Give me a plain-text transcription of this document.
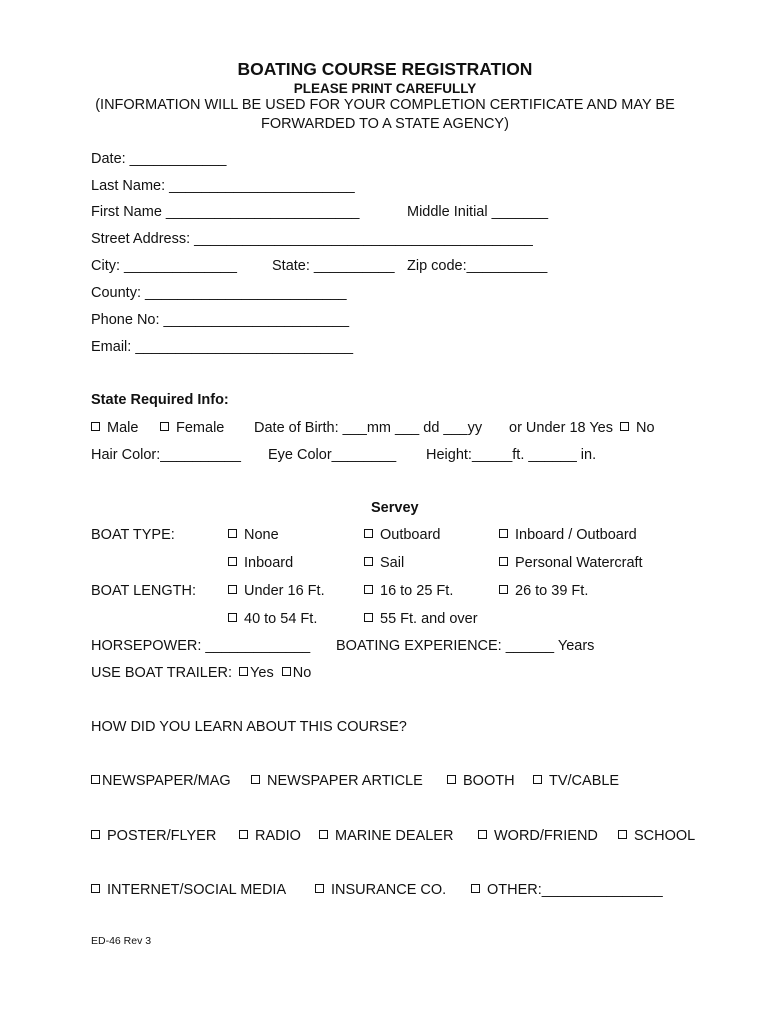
BOATING COURSE REGISTRATION
PLEASE PRINT CAREFULLY
(INFORMATION WILL BE USED FOR YOUR COMPLETION CERTIFICATE AND MAY BE
FORWARDED TO A STATE AGENCY)
Date: ____________
Last Name: _______________________
First Name ________________________	Middle Initial _______
Street Address: __________________________________________
City: ______________ State: __________ Zip code:__________
County: _________________________
Phone No: _______________________
Email: ___________________________
State Required Info:
Male	Female Date of Birth: ___mm ___ dd ___yy or Under 18 Yes No
Hair Color:__________ Eye Color________ Height:_____ft. ______ in.
Servey
BOAT TYPE:	None	Outboard	Inboard / Outboard
Inboard	Sail	Personal Watercraft
BOAT LENGTH:	Under 16 Ft.	16 to 25 Ft.	26 to 39 Ft.
40 to 54 Ft.	55 Ft. and over
HORSEPOWER: _____________ BOATING EXPERIENCE: ______ Years
USE BOAT TRAILER: Yes No
HOW DID YOU LEARN ABOUT THIS COURSE?
NEWSPAPER/MAG	NEWSPAPER ARTICLE	BOOTH	TV/CABLE
POSTER/FLYER	RADIO	MARINE DEALER	WORD/FRIEND	SCHOOL
INTERNET/SOCIAL MEDIA	INSURANCE CO.	OTHER:_______________
ED-46 Rev 3
